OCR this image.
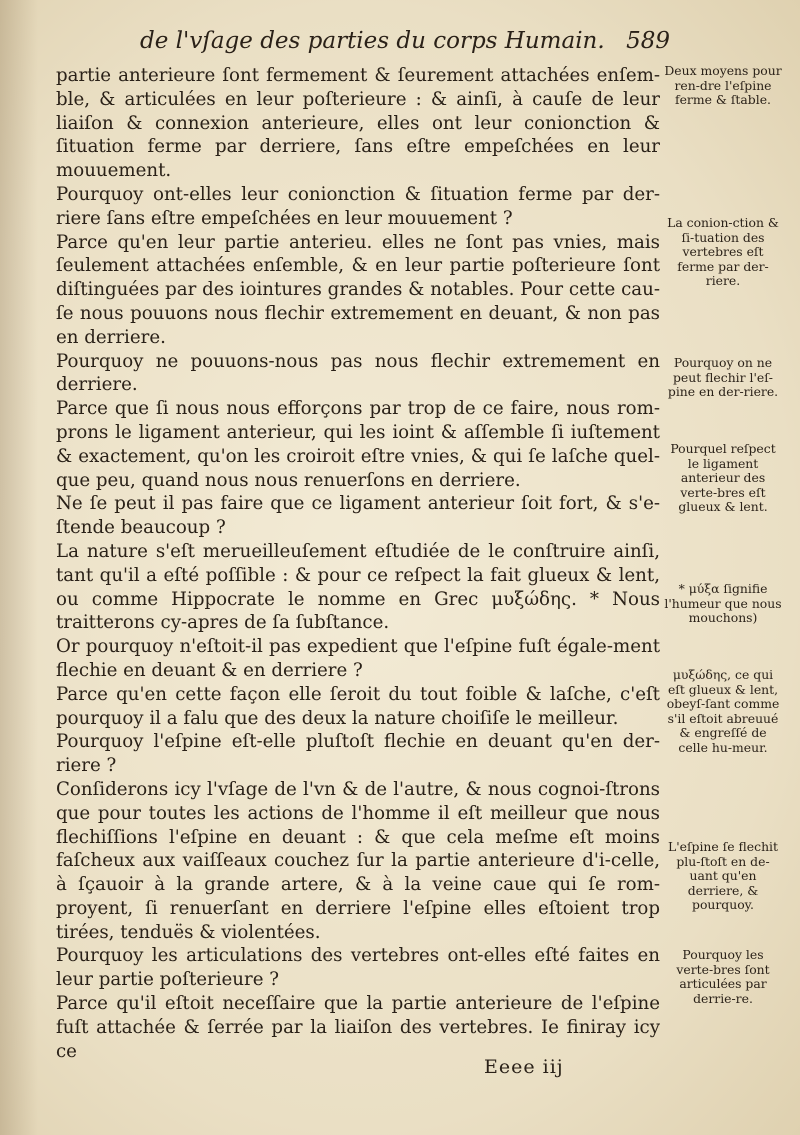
de l'vſage des parties du corps Humain. 589

partie anterieure ſont fermement & ſeurement attachées enſem-ble, & articulées en leur poſterieure : & ainſi, à cauſe de leur liaiſon & connexion anterieure, elles ont leur conionction & ſituation ferme par derriere, ſans eſtre empeſchées en leur mouuement.

Pourquoy ont-elles leur conionction & ſituation ferme par der-riere ſans eſtre empeſchées en leur mouuement ?

Parce qu'en leur partie anterieu. elles ne ſont pas vnies, mais ſeulement attachées enſemble, & en leur partie poſterieure ſont diſtinguées par des iointures grandes & notables. Pour cette cau-ſe nous pouuons nous flechir extremement en deuant, & non pas en derriere.

Pourquoy ne pouuons-nous pas nous flechir extremement en derriere.

Parce que ſi nous nous efforçons par trop de ce faire, nous rom-prons le ligament anterieur, qui les ioint & aſſemble ſi iuſtement & exactement, qu'on les croiroit eſtre vnies, & qui ſe laſche quel-que peu, quand nous nous renuerſons en derriere.

Ne ſe peut il pas faire que ce ligament anterieur ſoit fort, & s'e-ſtende beaucoup ?

La nature s'eſt merueilleuſement eſtudiée de le conſtruire ainſi, tant qu'il a eſté poſſible : & pour ce reſpect la fait glueux & lent, ou comme Hippocrate le nomme en Grec μυξώδης. * Nous traitterons cy-apres de ſa ſubſtance.

Or pourquoy n'eſtoit-il pas expedient que l'eſpine fuſt égale-ment flechie en deuant & en derriere ?

Parce qu'en cette façon elle ſeroit du tout foible & laſche, c'eſt pourquoy il a falu que des deux la nature choiſiſe le meilleur.

Pourquoy l'eſpine eſt-elle pluſtoſt flechie en deuant qu'en der-riere ?

Conſiderons icy l'vſage de l'vn & de l'autre, & nous cognoi-ſtrons que pour toutes les actions de l'homme il eſt meilleur que nous flechiſſions l'eſpine en deuant : & que cela meſme eſt moins faſcheux aux vaiſſeaux couchez ſur la partie anterieure d'i-celle, à ſçauoir à la grande artere, & à la veine caue qui ſe rom-proyent, ſi renuerſant en derriere l'eſpine elles eſtoient trop tirées, tenduës & violentées.

Pourquoy les articulations des vertebres ont-elles eſté faites en leur partie poſterieure ?

Parce qu'il eſtoit neceſſaire que la partie anterieure de l'eſpine fuſt attachée & ſerrée par la liaiſon des vertebres. Ie finiray icy ce

Deux moyens pour ren-dre l'eſpine ferme & ſtable.
La conion-ction & ſi-tuation des vertebres eſt ferme par der-riere.
Pourquoy on ne peut flechir l'eſ-pine en der-riere.
Pourquel reſpect le ligament anterieur des verte-bres eſt glueux & lent.
* μύξα ſignifie l'humeur que nous mouchons)
μυξώδης, ce qui eſt glueux & lent, obeyſ-ſant comme s'il eſtoit abreuué & engreſſé de celle hu-meur.
L'eſpine ſe flechit plu-ſtoſt en de-uant qu'en derriere, & pourquoy.
Pourquoy les verte-bres ſont articulées par derrie-re.
Eeee iij
